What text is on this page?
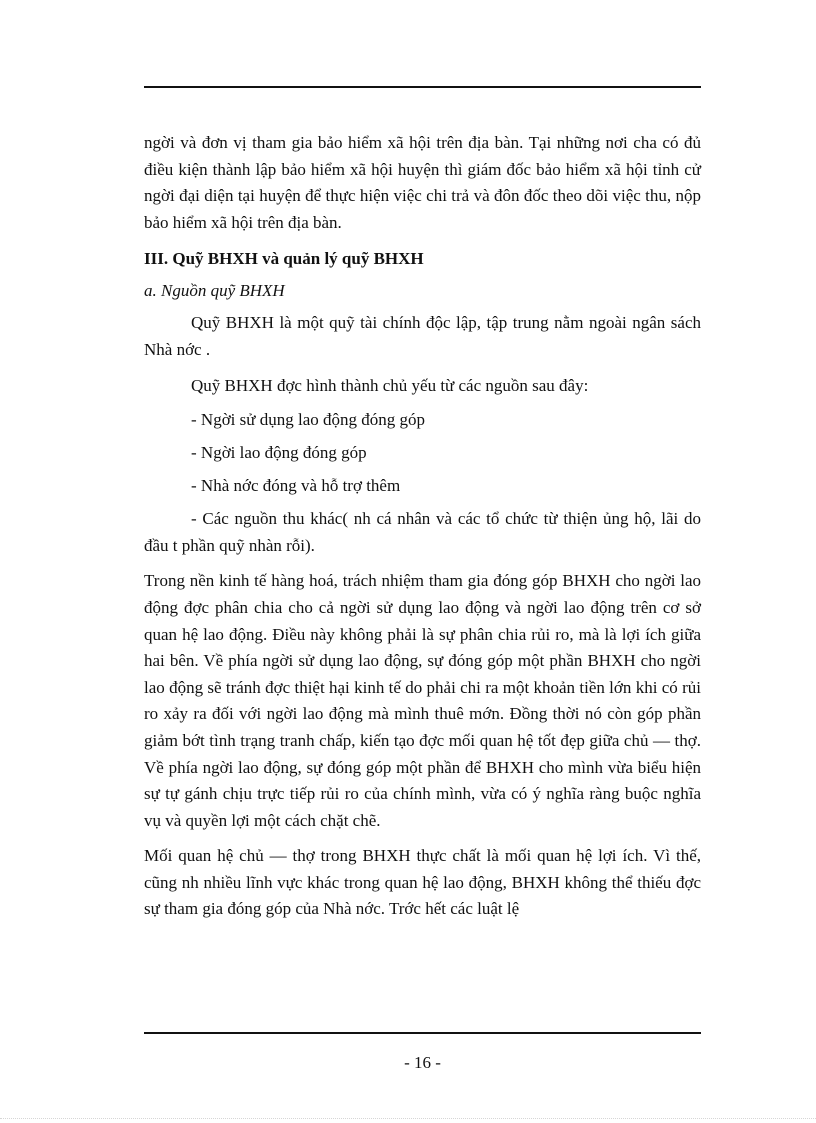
ngời và đơn vị tham gia bảo hiểm xã hội trên địa bàn. Tại những nơi cha có đủ điều kiện thành lập bảo hiểm xã hội huyện thì giám đốc bảo hiểm xã hội tỉnh cử ngời đại diện tại huyện để thực hiện việc chi trả và đôn đốc theo dõi việc thu, nộp bảo hiểm xã hội trên địa bàn.

III. Quỹ BHXH và quản lý quỹ BHXH
a. Nguồn quỹ BHXH

Quỹ BHXH là một quỹ tài chính độc lập, tập trung nằm ngoài ngân sách Nhà nớc .

Quỹ BHXH đợc hình thành chủ yếu từ các nguồn sau đây:

- Ngời sử dụng lao động đóng góp
- Ngời lao động đóng góp
- Nhà nớc đóng và hỗ trợ thêm

- Các nguồn thu khác( nh cá nhân và các tổ chức từ thiện ủng hộ, lãi do đầu t phần quỹ nhàn rỗi).

Trong nền kinh tế hàng hoá, trách nhiệm tham gia đóng góp BHXH cho ngời lao động đợc phân chia cho cả ngời sử dụng lao động và ngời lao động trên cơ sở quan hệ lao động. Điều này không phải là sự phân chia rủi ro, mà là lợi ích giữa hai bên. Về phía ngời sử dụng lao động, sự đóng góp một phần BHXH cho ngời lao động sẽ tránh đợc thiệt hại kinh tế do phải chi ra một khoản tiền lớn khi có rủi ro xảy ra đối với ngời lao động mà mình thuê mớn. Đồng thời nó còn góp phần giảm bớt tình trạng tranh chấp, kiến tạo đợc mối quan hệ tốt đẹp giữa chủ — thợ. Về phía ngời lao động, sự đóng góp một phần để BHXH cho mình vừa biểu hiện sự tự gánh chịu trực tiếp rủi ro của chính mình, vừa có ý nghĩa ràng buộc nghĩa vụ và quyền lợi một cách chặt chẽ.

Mối quan hệ chủ — thợ trong BHXH thực chất là mối quan hệ lợi ích. Vì thế, cũng nh nhiều lĩnh vực khác trong quan hệ lao động, BHXH không thể thiếu đợc sự tham gia đóng góp của Nhà nớc. Trớc hết các luật lệ

- 16 -
